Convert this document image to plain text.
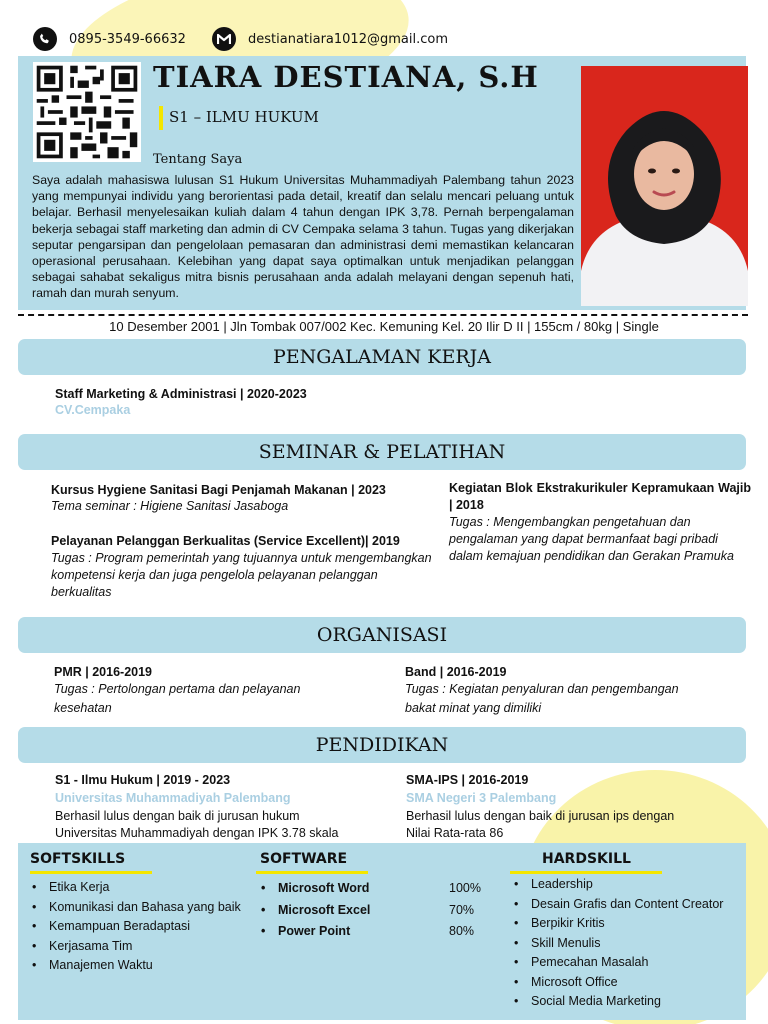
0895-3549-66632	destianatiara1012@gmail.com
TIARA DESTIANA, S.H
S1 – ILMU HUKUM
Tentang Saya
Saya adalah mahasiswa lulusan S1 Hukum Universitas Muhammadiyah Palembang tahun 2023 yang mempunyai individu yang berorientasi pada detail, kreatif dan selalu mencari peluang untuk belajar. Berhasil menyelesaikan kuliah dalam 4 tahun dengan IPK 3,78. Pernah berpengalaman bekerja sebagai staff marketing dan admin di CV Cempaka selama 3 tahun. Tugas yang dikerjakan seputar pengarsipan dan pengelolaan pemasaran dan administrasi demi memastikan kelancaran operasional perusahaan. Kelebihan yang dapat saya optimalkan untuk menjadikan pelanggan sebagai sahabat sekaligus mitra bisnis perusahaan anda adalah melayani dengan sepenuh hati, ramah dan murah senyum.
10 Desember 2001 | Jln Tombak 007/002 Kec. Kemuning Kel. 20 Ilir D II | 155cm / 80kg | Single
PENGALAMAN KERJA
Staff Marketing & Administrasi | 2020-2023
CV.Cempaka
SEMINAR & PELATIHAN
Kursus Hygiene Sanitasi Bagi Penjamah Makanan | 2023
Tema seminar : Higiene Sanitasi Jasaboga
Pelayanan Pelanggan Berkualitas (Service Excellent)| 2019
Tugas : Program pemerintah yang tujuannya untuk mengembangkan kompetensi kerja dan juga pengelola pelayanan pelanggan berkualitas
Kegiatan Blok Ekstrakurikuler Kepramukaan Wajib | 2018
Tugas : Mengembangkan pengetahuan dan pengalaman yang dapat bermanfaat bagi pribadi dalam kemajuan pendidikan dan Gerakan Pramuka
ORGANISASI
PMR | 2016-2019
Tugas : Pertolongan pertama dan pelayanan kesehatan
Band | 2016-2019
Tugas : Kegiatan penyaluran dan pengembangan bakat minat yang dimiliki
PENDIDIKAN
S1 - Ilmu Hukum | 2019 - 2023
Universitas Muhammadiyah Palembang
Berhasil lulus dengan baik di jurusan hukum Universitas Muhammadiyah dengan IPK 3.78 skala
SMA-IPS | 2016-2019
SMA Negeri 3 Palembang
Berhasil lulus dengan baik di jurusan ips dengan Nilai Rata-rata 86
SOFTSKILLS
• Etika Kerja
• Komunikasi dan Bahasa yang baik
• Kemampuan Beradaptasi
• Kerjasama Tim
• Manajemen Waktu
SOFTWARE
• Microsoft Word	100%
• Microsoft Excel	70%
• Power Point	80%
HARDSKILL
• Leadership
• Desain Grafis dan Content Creator
• Berpikir Kritis
• Skill Menulis
• Pemecahan Masalah
• Microsoft Office
• Social Media Marketing
